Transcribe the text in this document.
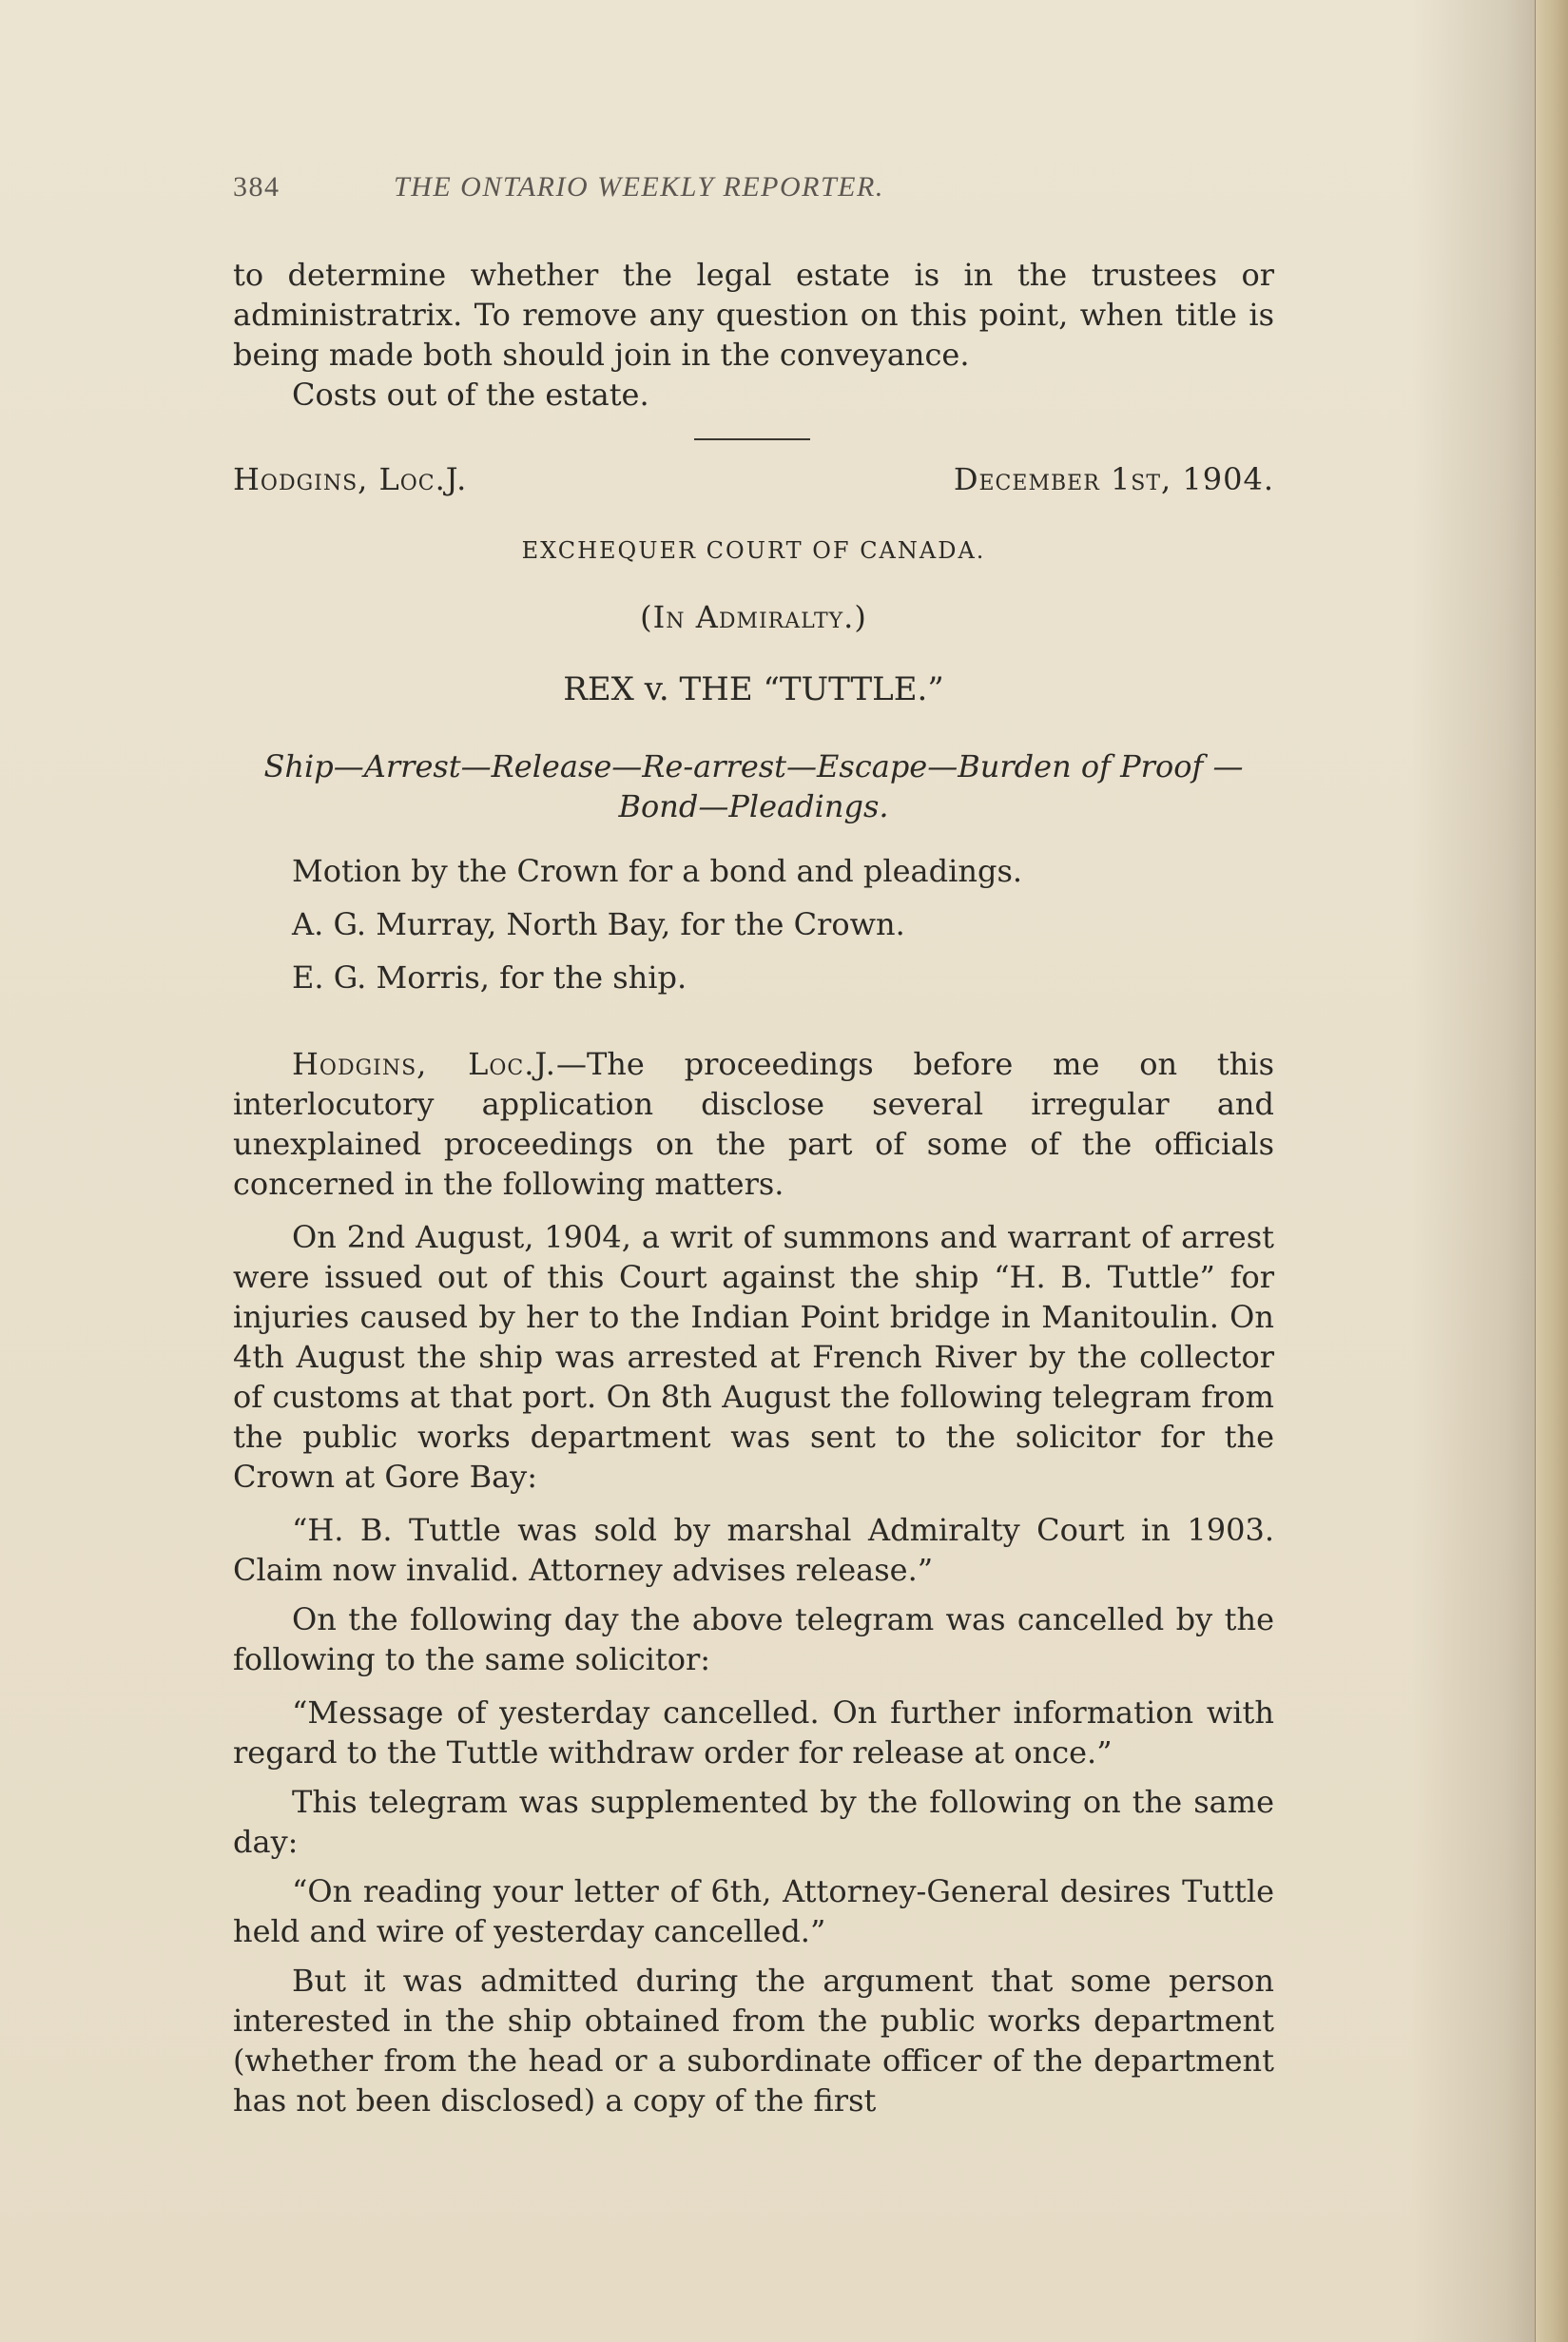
384	THE ONTARIO WEEKLY REPORTER.

to determine whether the legal estate is in the trustees or administratrix. To remove any question on this point, when title is being made both should join in the conveyance.

Costs out of the estate.

Hodgins, Loc.J.	December 1st, 1904.
EXCHEQUER COURT OF CANADA.
(In Admiralty.)
REX v. THE “TUTTLE.”
Ship—Arrest—Release—Re-arrest—Escape—Burden of Proof —Bond—Pleadings.

Motion by the Crown for a bond and pleadings.

A. G. Murray, North Bay, for the Crown.

E. G. Morris, for the ship.

Hodgins, Loc.J.—The proceedings before me on this interlocutory application disclose several irregular and unexplained proceedings on the part of some of the officials concerned in the following matters.

On 2nd August, 1904, a writ of summons and warrant of arrest were issued out of this Court against the ship “H. B. Tuttle” for injuries caused by her to the Indian Point bridge in Manitoulin. On 4th August the ship was arrested at French River by the collector of customs at that port. On 8th August the following telegram from the public works department was sent to the solicitor for the Crown at Gore Bay:

“H. B. Tuttle was sold by marshal Admiralty Court in 1903. Claim now invalid. Attorney advises release.”

On the following day the above telegram was cancelled by the following to the same solicitor:

“Message of yesterday cancelled. On further information with regard to the Tuttle withdraw order for release at once.”

This telegram was supplemented by the following on the same day:

“On reading your letter of 6th, Attorney-General desires Tuttle held and wire of yesterday cancelled.”

But it was admitted during the argument that some person interested in the ship obtained from the public works department (whether from the head or a subordinate officer of the department has not been disclosed) a copy of the first
